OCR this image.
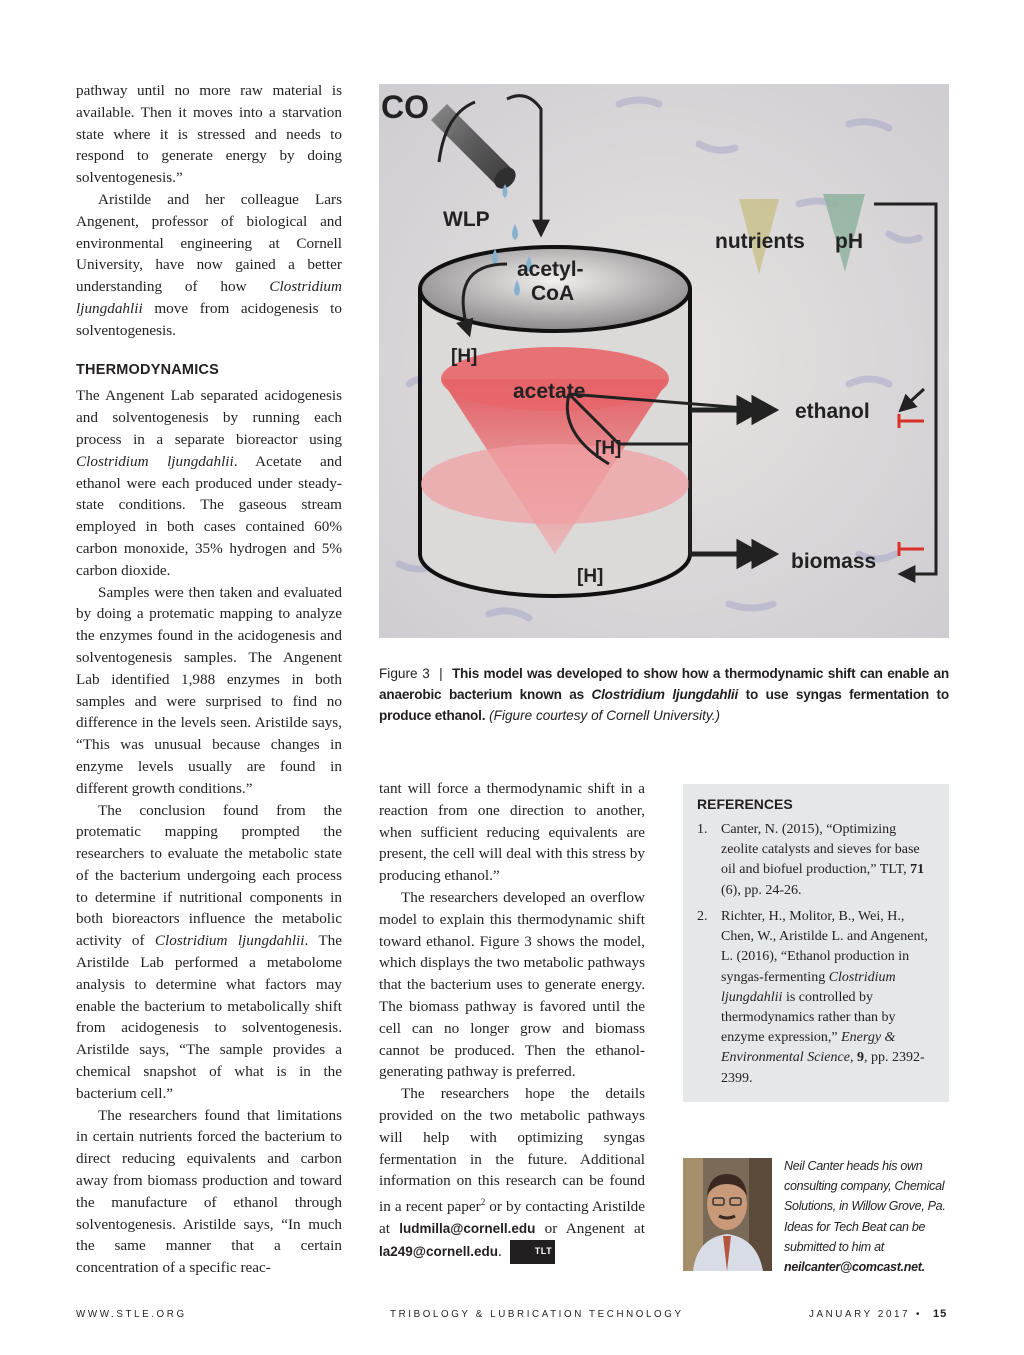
pathway until no more raw material is available. Then it moves into a starvation state where it is stressed and needs to respond to generate energy by doing solventogenesis.”

Aristilde and her colleague Lars Angenent, professor of biological and environmental engineering at Cornell University, have now gained a better understanding of how Clostridium ljungdahlii move from acidogenesis to solventogenesis.

THERMODYNAMICS

The Angenent Lab separated acidogenesis and solventogenesis by running each process in a separate bioreactor using Clostridium ljungdahlii. Acetate and ethanol were each produced under steady-state conditions. The gaseous stream employed in both cases contained 60% carbon monoxide, 35% hydrogen and 5% carbon dioxide.

Samples were then taken and evaluated by doing a protematic mapping to analyze the enzymes found in the acidogenesis and solventogenesis samples. The Angenent Lab identified 1,988 enzymes in both samples and were surprised to find no difference in the levels seen. Aristilde says, “This was unusual because changes in enzyme levels usually are found in different growth conditions.”

The conclusion found from the protematic mapping prompted the researchers to evaluate the metabolic state of the bacterium undergoing each process to determine if nutritional components in both bioreactors influence the metabolic activity of Clostridium ljungdahlii. The Aristilde Lab performed a metabolome analysis to determine what factors may enable the bacterium to metabolically shift from acidogenesis to solventogenesis. Aristilde says, “The sample provides a chemical snapshot of what is in the bacterium cell.”

The researchers found that limitations in certain nutrients forced the bacterium to direct reducing equivalents and carbon away from biomass production and toward the manufacture of ethanol through solventogenesis. Aristilde says, “In much the same manner that a certain concentration of a specific reac-

CO
WLP
acetyl-
CoA
nutrients pH
[H]
acetate
[H]
ethanol
biomass
[H]
Figure 3 | This model was developed to show how a thermodynamic shift can enable an anaerobic bacterium known as Clostridium ljungdahlii to use syngas fermentation to produce ethanol. (Figure courtesy of Cornell University.)

tant will force a thermodynamic shift in a reaction from one direction to another, when sufficient reducing equivalents are present, the cell will deal with this stress by producing ethanol.”

The researchers developed an overflow model to explain this thermodynamic shift toward ethanol. Figure 3 shows the model, which displays the two metabolic pathways that the bacterium uses to generate energy. The biomass pathway is favored until the cell can no longer grow and biomass cannot be produced. Then the ethanol-generating pathway is preferred.

The researchers hope the details provided on the two metabolic pathways will help with optimizing syngas fermentation in the future. Additional information on this research can be found in a recent paper$^2$ or by contacting Aristilde at ludmilla@cornell.edu or Angenent at la249@cornell.edu.	TLT

REFERENCES
1. Canter, N. (2015), “Optimizing zeolite catalysts and sieves for base oil and biofuel production,” TLT, 71 (6), pp. 24-26.
2. Richter, H., Molitor, B., Wei, H., Chen, W., Aristilde L. and Angenent, L. (2016), “Ethanol production in syngas-fermenting Clostridium ljungdahlii is controlled by thermodynamics rather than by enzyme expression,” Energy & Environmental Science, 9, pp. 2392-2399.
Neil Canter heads his own consulting company, Chemical Solutions, in Willow Grove, Pa. Ideas for Tech Beat can be submitted to him at neilcanter@comcast.net.
WWW.STLE.ORG	TRIBOLOGY & LUBRICATION TECHNOLOGY	JANUARY 2017 • 15
